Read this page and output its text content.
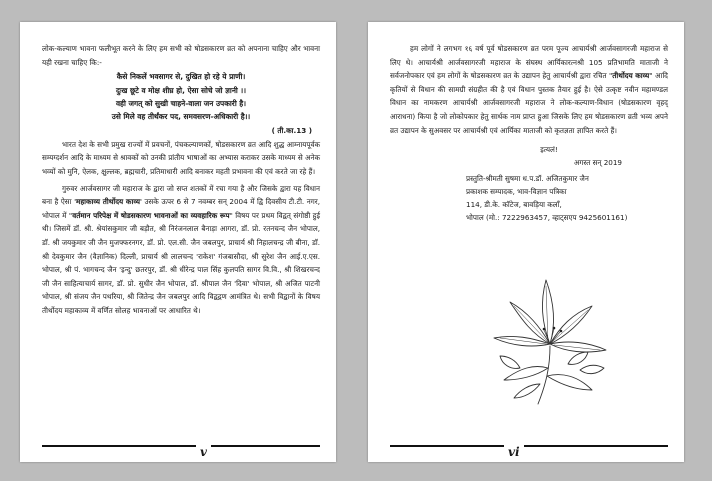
लोक-कल्याण भावना फलीभूत करने के लिए हम सभी को षोडसकारण व्रत को अपनाना चाहिए और भावना यही रखना चाहिए कि:-

कैसे निकलें भवसागर से, दुखित हो रहे ये प्राणी।
दुःख छूटे व मोक्ष शीघ्र हो, ऐसा सोचे जो ज्ञानी ।।
वही जगत् को सुखी चाहने-वाला जन उपकारी है।
उसे मिले वह तीर्थंकर पद, समवसरण-अधिकारी है।।
( ती.का.13 )

भारत देश के सभी प्रमुख राज्यों में प्रवचनों, पंचकल्याणकों, षोडसकारण व्रत आदि शुद्ध आम्नायपूर्वक सम्यग्दर्शन आदि के माध्यम से श्रावकों को उनकी प्रांतीय भाषाओं का अभ्यास कराकर उसके माध्यम से अनेक भव्यों को मुनि, ऐलक, क्षुल्लक, ब्रह्मचारी, प्रतिमाधारी आदि बनाकर महती प्रभावना की एवं करते जा रहे हैं।

गुरुवर आर्जवसागर जी महाराज के द्वारा जो सप्त शतकों में रचा गया है और जिसके द्वारा यह विधान बना है ऐसा 'महाकाव्य तीर्थोदय काव्य' उसके ऊपर 6 से 7 नवम्बर सन् 2004 में द्वि दिवसीय टी.टी. नगर, भोपाल में "वर्तमान परिपेक्ष में षोडसकारण भावनाओं का व्यवहारिक रूप" विषय पर प्रथम विद्वत् संगोष्ठी हुई थी। जिसमें डॉ. श्री. श्रेयांसकुमार जी बड़ौत, श्री निरंजनलाल बैनाड़ा आगरा, डॉ. प्रो. रतनचन्द जैन भोपाल, डॉ. श्री जयकुमार जी जैन मुजफ्फरनगर, डॉ. प्रो. एल.सी. जैन जबलपुर, प्राचार्य श्री निहालचन्द्र जी बीना, डॉ. श्री देवकुमार जैन (वैज्ञानिक) दिल्ली, प्राचार्य श्री लालचन्द 'राकेश' गंजबासौदा, श्री सुरेश जैन आई.ए.एस. भोपाल, श्री पं. भागचन्द जैन 'इन्दु' छतरपुर, डॉ. श्री धीरेन्द्र पाल सिंह कुलपति सागर वि.वि., श्री शिखरचन्द जी जैन साहित्याचार्य सागर, डॉ. प्रो. सुधीर जैन भोपाल, डॉ. श्रीपाल जैन 'दिवा' भोपाल, श्री अजित पाटनी भोपाल, श्री संजय जैन पथरिया, श्री जितेन्द्र जैन जबलपुर आदि विद्वद्गण आमंत्रित थे। सभी विद्वानों के विषय तीर्थोदय महाकाव्य में वर्णित सोलह भावनाओं पर आधारित थे।

v

हम लोगों ने लगभग १६ वर्ष पूर्व षोडसकारण व्रत परम पूज्य आचार्यश्री आर्जवसागरजी महाराज से लिए थे। आचार्यश्री आर्जवसागरजी महाराज के संघस्थ आर्यिकारत्नश्री 105 प्रतिभामति माताजी ने सर्वजनोपकार एवं हम लोगों के षोडसकारण व्रत के उद्यापन हेतु आचार्यश्री द्वारा रचित "तीर्थोदय काव्य" आदि कृतियों से विधान की सामग्री संग्रहीत की है एवं विधान पुस्तक तैयार हुई है। ऐसे उत्कृष्ट नवीन महामण्डल विधान का नामकरण आचार्यश्री आर्जवसागरजी महाराज ने लोक-कल्याण-विधान (षोडसकारण वृहद् आराधना) किया है जो लोकोपकार हेतु सार्थक नाम प्राप्त हुआ जिसके लिए हम षोडसकारण व्रती भव्य अपने व्रत उद्यापन के सुअवसर पर आचार्यश्री एवं आर्यिका माताजी को कृतज्ञता ज्ञापित करते हैं।

इत्यलं!
अगस्त सन् 2019
प्रस्तुति-श्रीमती सुषमा ध.प.डॉ. अजितकुमार जैन
प्रकाशक सम्पादक, भाव-विज्ञान पत्रिका
114, डी.के. कॉटेज, बावड़िया कलाँ,
भोपाल (मो.: 7222963457, व्हाट्सएप 9425601161)
vi
